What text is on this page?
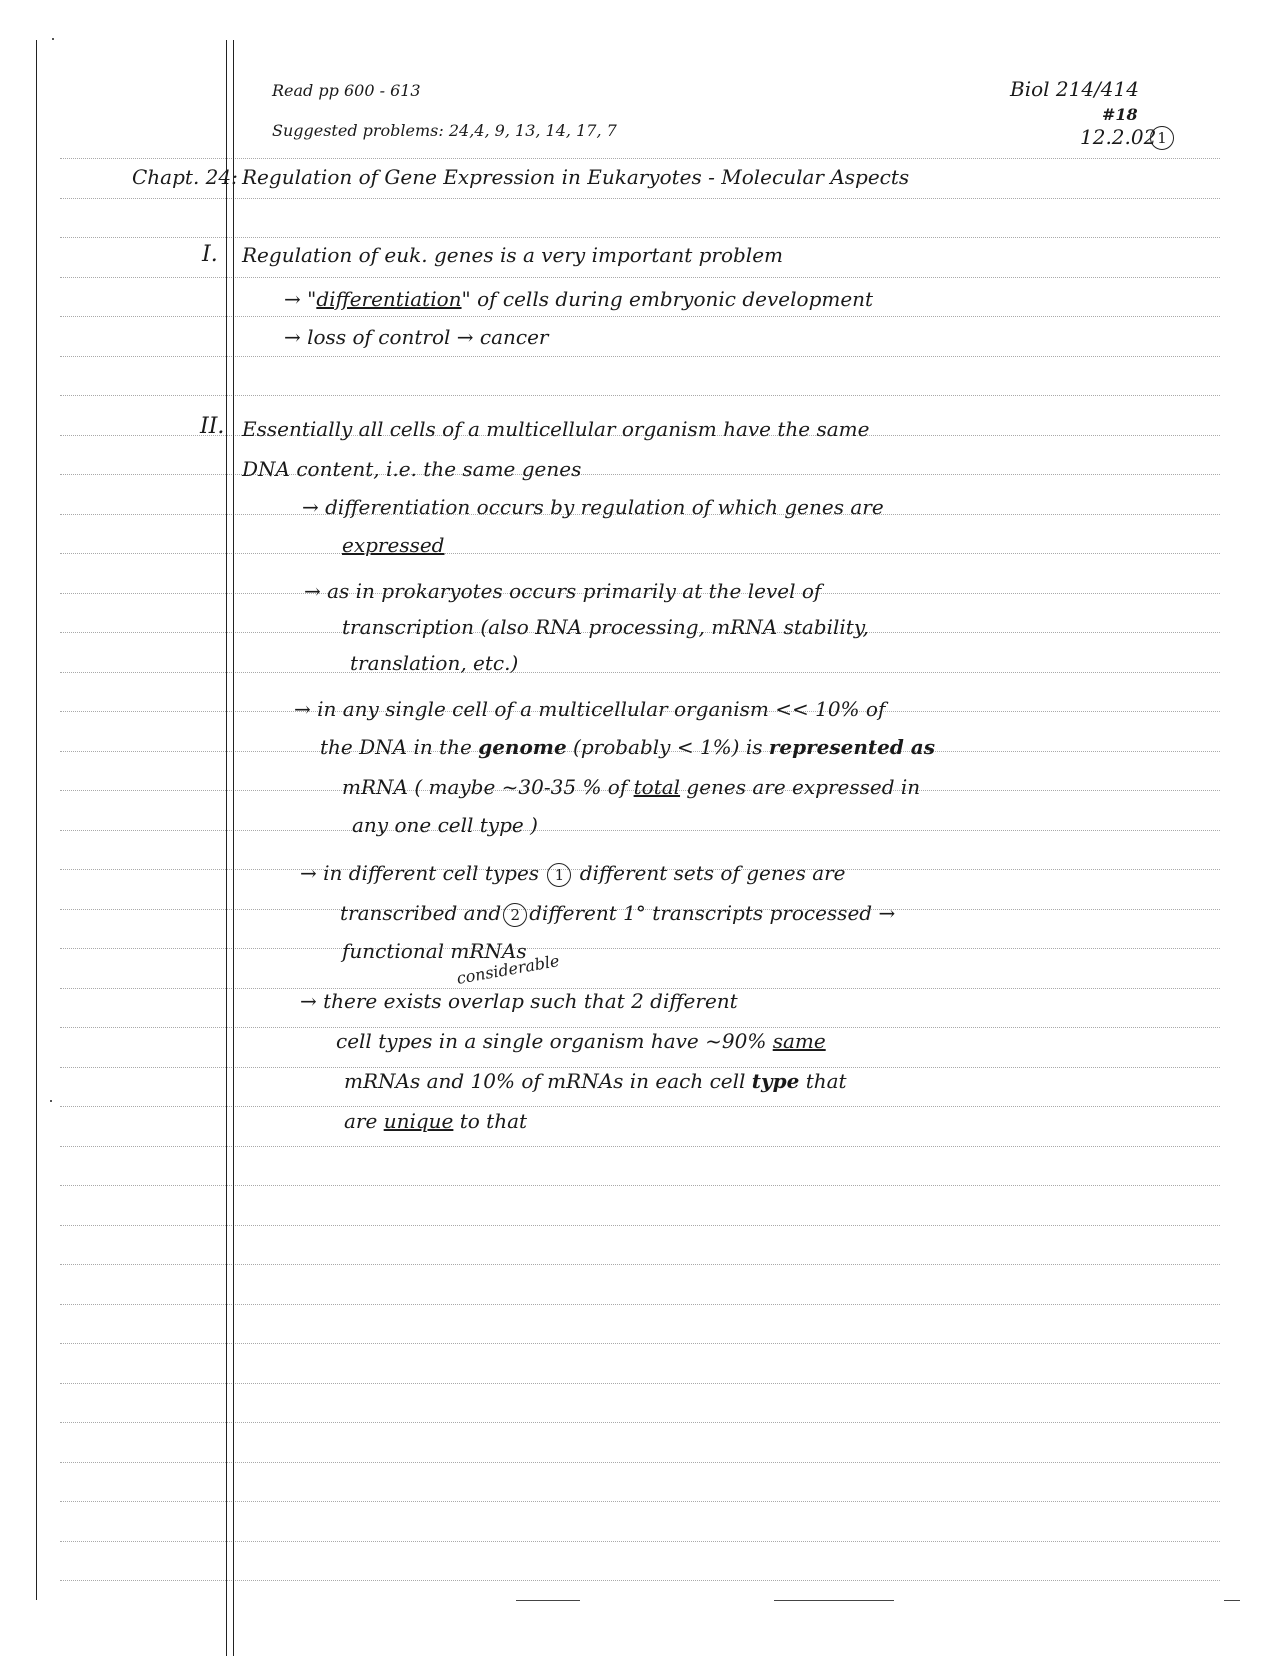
Read pp 600 - 613
Suggested problems: 24,4, 9, 13, 14, 17, 7
Biol 214/414
#18
12.2.02 1
Chapt. 24: Regulation of Gene Expression in Eukaryotes - Molecular Aspects
I. Regulation of euk. genes is a very important problem
→ "differentiation" of cells during embryonic development
→ loss of control → cancer
II. Essentially all cells of a multicellular organism have the same
DNA content, i.e. the same genes
→ differentiation occurs by regulation of which genes are
expressed
→ as in prokaryotes occurs primarily at the level of
transcription (also RNA processing, mRNA stability,
translation, etc.)
→ in any single cell of a multicellular organism << 10% of
the DNA in the genome (probably < 1%) is represented as
mRNA ( maybe ~30-35 % of total genes are expressed in
any one cell type )
→ in different cell types 1 different sets of genes are
transcribed and 2 different 1° transcripts processed →
functional mRNAs
considerable
→ there exists overlap such that 2 different
cell types in a single organism have ~90% same
mRNAs and 10% of mRNAs in each cell type that
are unique to that
